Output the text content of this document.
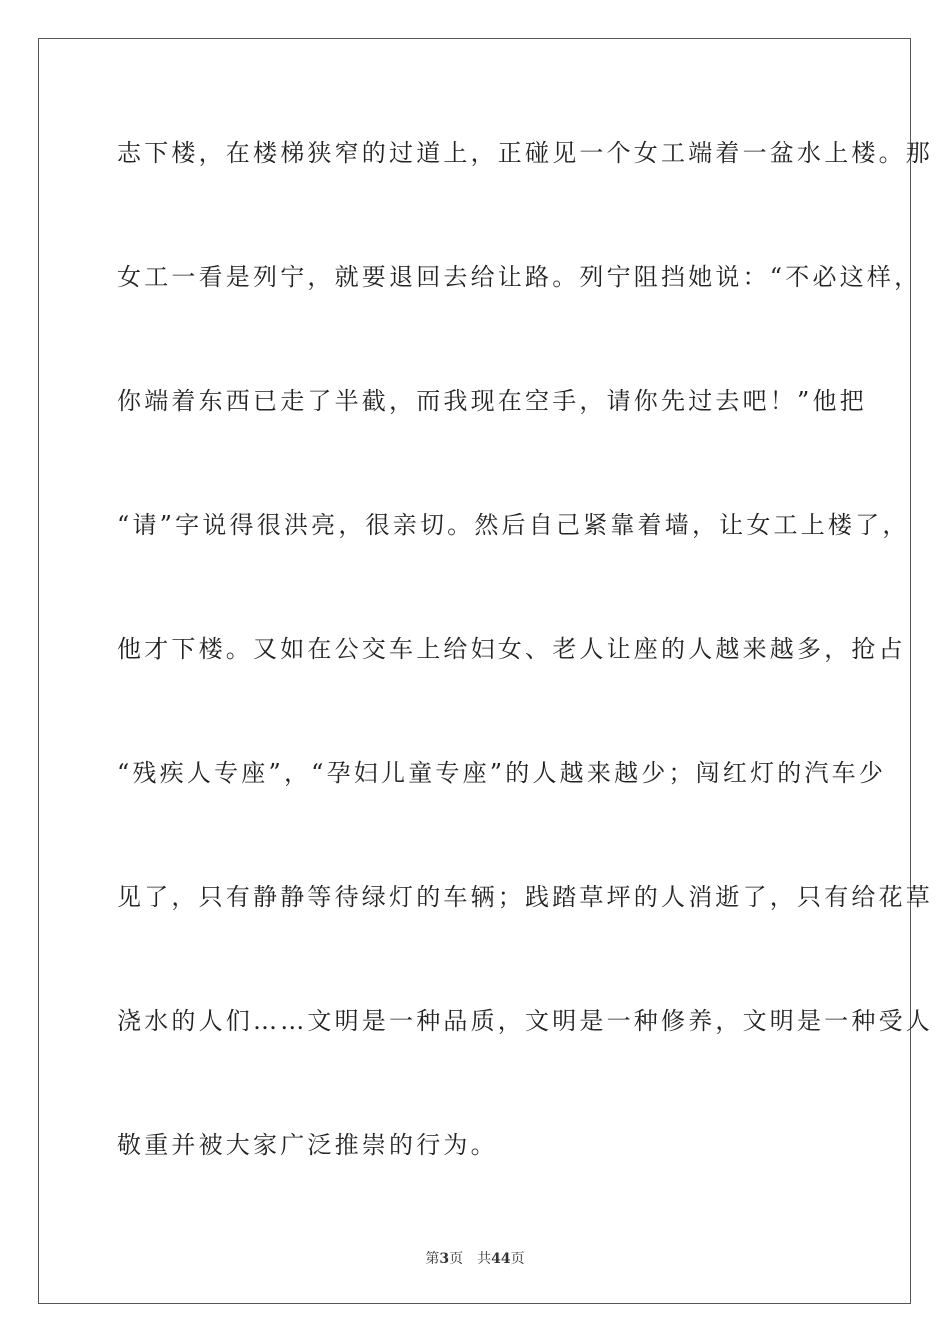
志下楼，在楼梯狭窄的过道上，正碰见一个女工端着一盆水上楼。那
女工一看是列宁，就要退回去给让路。列宁阻挡她说：“不必这样，
你端着东西已走了半截，而我现在空手，请你先过去吧！”他把
“请”字说得很洪亮，很亲切。然后自己紧靠着墙，让女工上楼了，
他才下楼。又如在公交车上给妇女、老人让座的人越来越多，抢占
“残疾人专座”，“孕妇儿童专座”的人越来越少；闯红灯的汽车少
见了，只有静静等待绿灯的车辆；践踏草坪的人消逝了，只有给花草
浇水的人们……文明是一种品质，文明是一种修养，文明是一种受人
敬重并被大家广泛推崇的行为。
第3页 共44页
